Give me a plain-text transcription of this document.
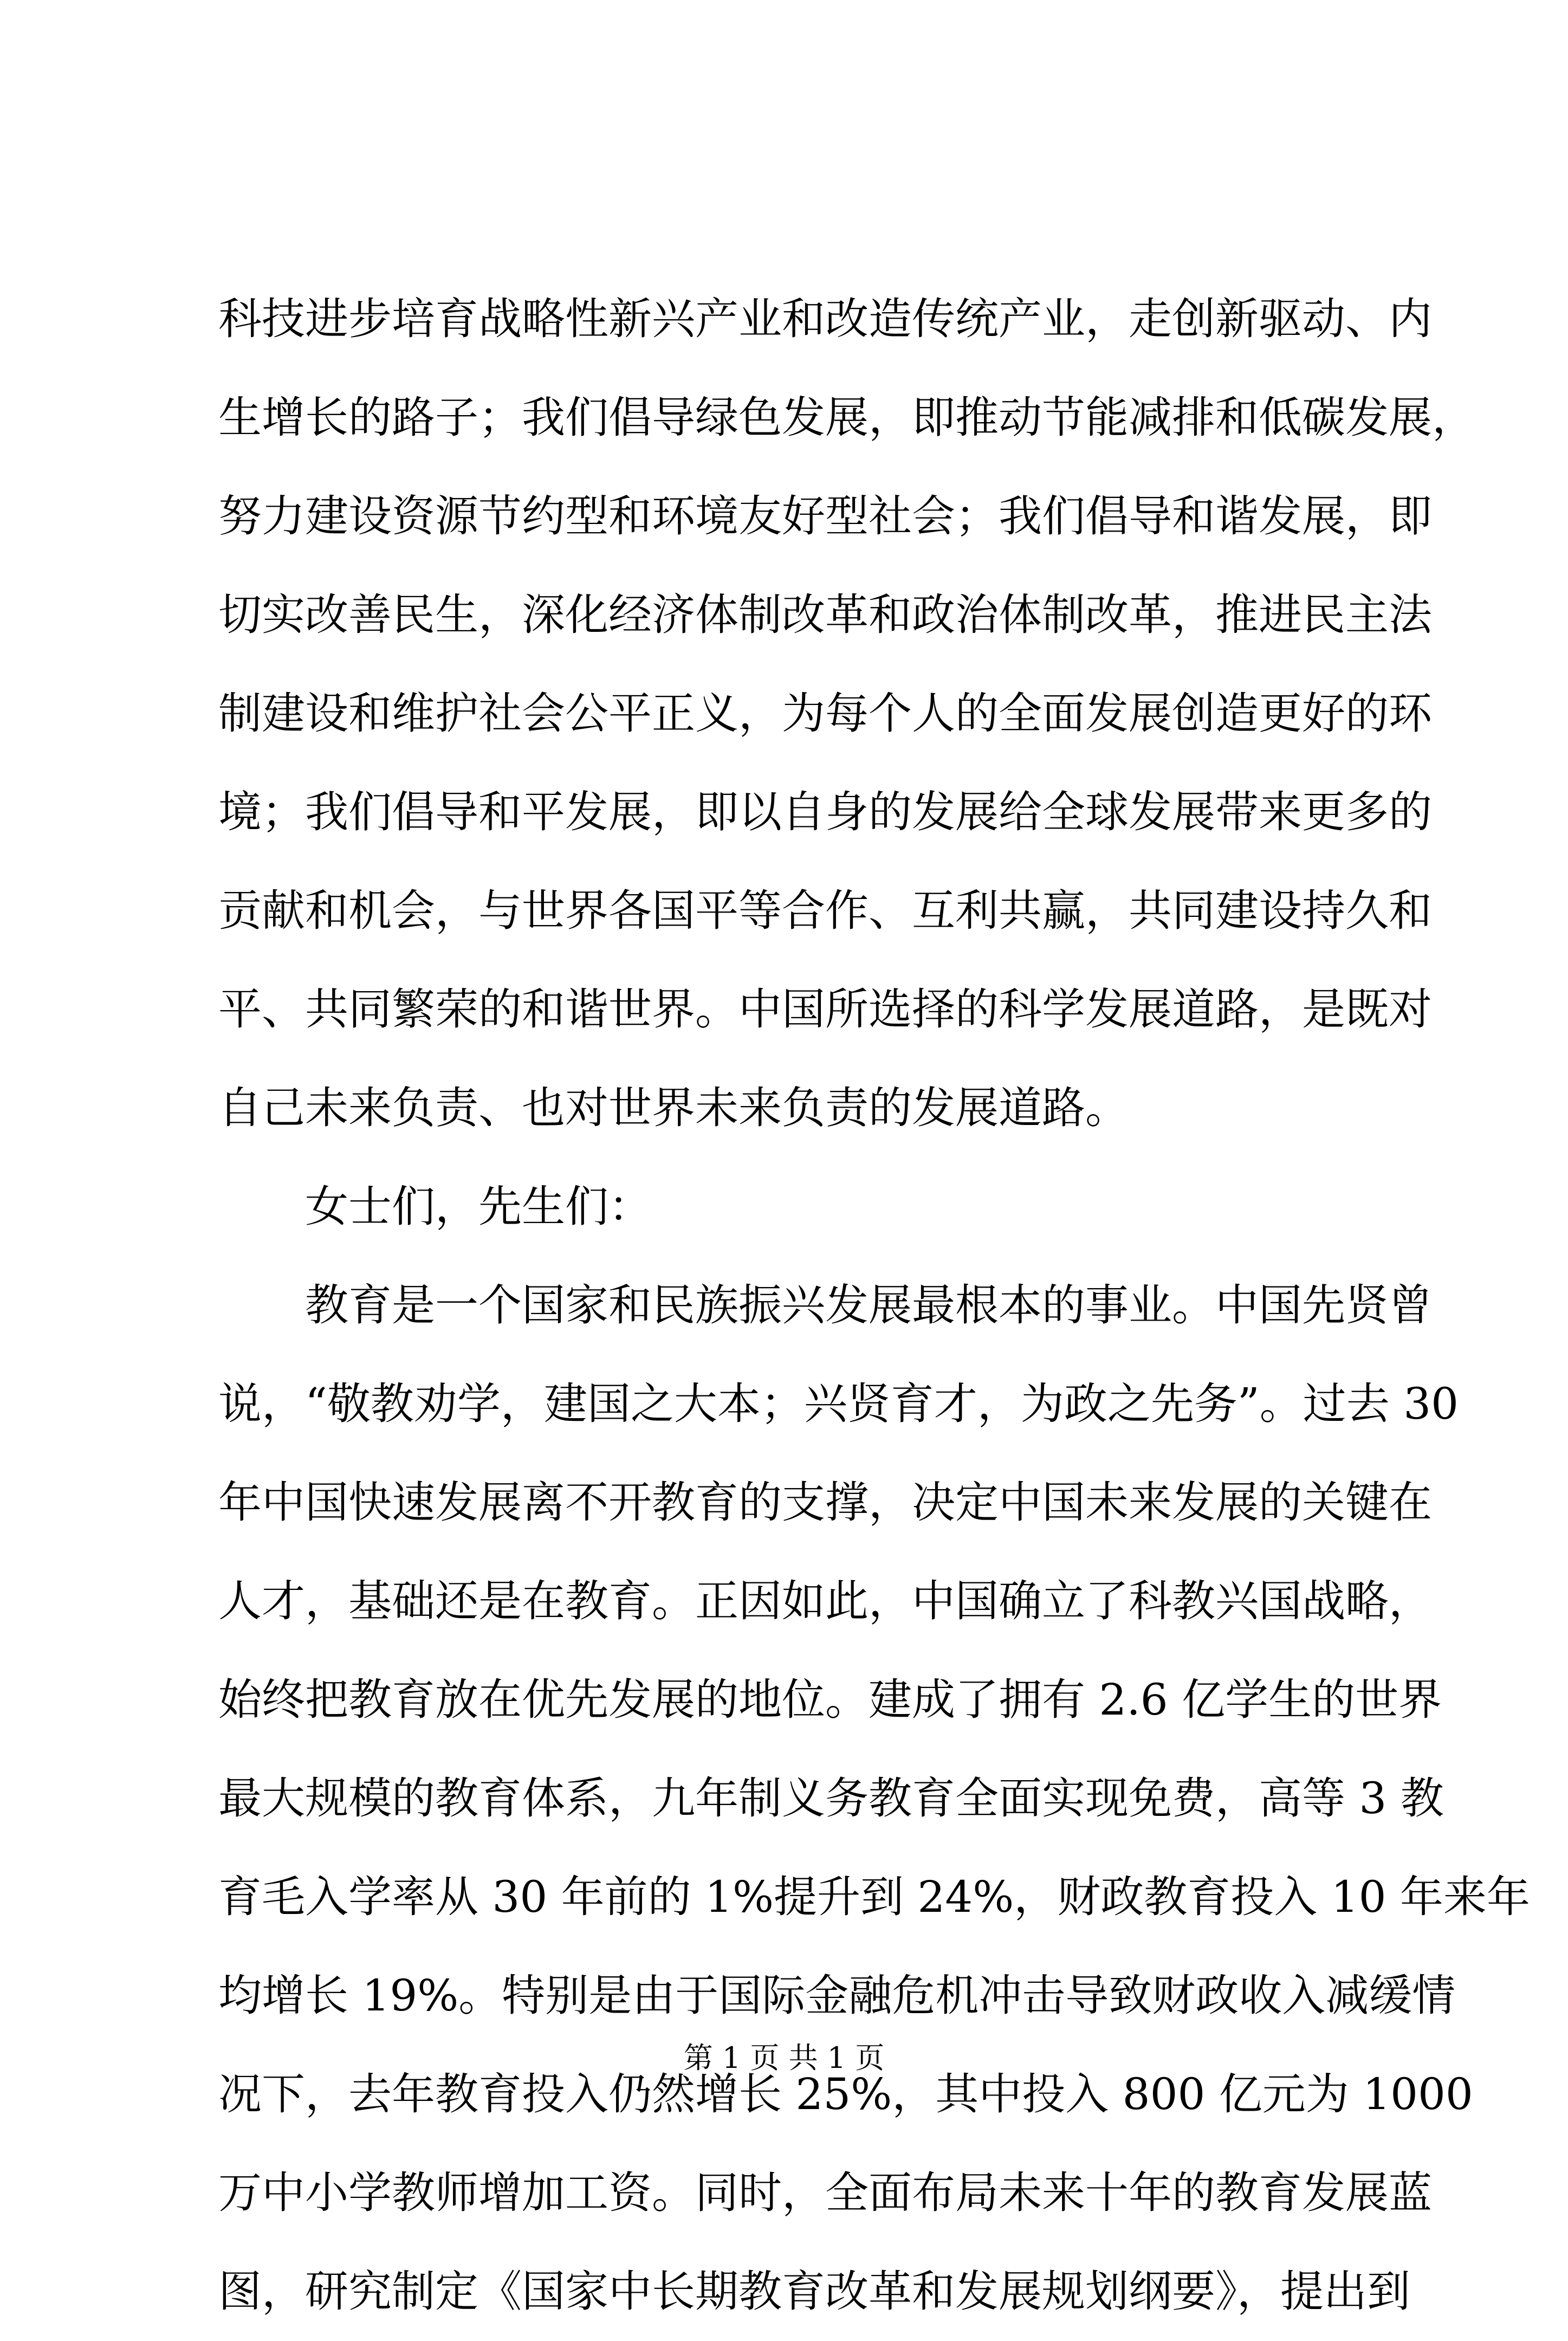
科技进步培育战略性新兴产业和改造传统产业，走创新驱动、内
生增长的路子；我们倡导绿色发展，即推动节能减排和低碳发展，
努力建设资源节约型和环境友好型社会；我们倡导和谐发展，即
切实改善民生，深化经济体制改革和政治体制改革，推进民主法
制建设和维护社会公平正义，为每个人的全面发展创造更好的环
境；我们倡导和平发展，即以自身的发展给全球发展带来更多的
贡献和机会，与世界各国平等合作、互利共赢，共同建设持久和
平、共同繁荣的和谐世界。中国所选择的科学发展道路，是既对
自己未来负责、也对世界未来负责的发展道路。
女士们，先生们：
教育是一个国家和民族振兴发展最根本的事业。中国先贤曾
说，“敬教劝学，建国之大本；兴贤育才，为政之先务”。过去 30
年中国快速发展离不开教育的支撑，决定中国未来发展的关键在
人才，基础还是在教育。正因如此，中国确立了科教兴国战略，
始终把教育放在优先发展的地位。建成了拥有 2.6 亿学生的世界
最大规模的教育体系，九年制义务教育全面实现免费，高等 3 教
育毛入学率从 30 年前的 1%提升到 24%，财政教育投入 10 年来年
均增长 19%。特别是由于国际金融危机冲击导致财政收入减缓情
况下，去年教育投入仍然增长 25%，其中投入 800 亿元为 1000
万中小学教师增加工资。同时，全面布局未来十年的教育发展蓝
图，研究制定《国家中长期教育改革和发展规划纲要》，提出到
第 1 页 共 1 页
